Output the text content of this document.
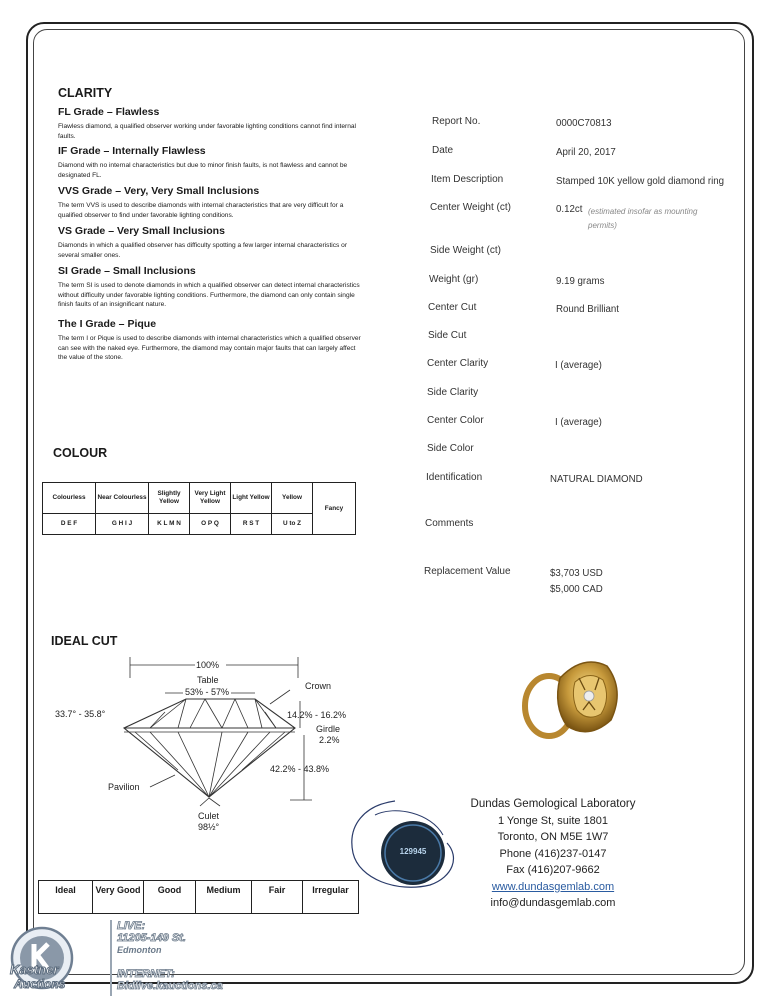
CLARITY
FL Grade – Flawless
Flawless diamond, a qualified observer working under favorable lighting conditions cannot find internal faults.
IF Grade – Internally Flawless
Diamond with no internal characteristics but due to minor finish faults, is not flawless and cannot be designated FL.
VVS Grade – Very, Very Small Inclusions
The term VVS is used to describe diamonds with internal characteristics that are very difficult for a qualified observer to find under favorable lighting conditions.
VS Grade – Very Small Inclusions
Diamonds in which a qualified observer has difficulty spotting a few larger internal characteristics or several smaller ones.
SI Grade – Small Inclusions
The term SI is used to denote diamonds in which a qualified observer can detect internal characteristics without difficulty under favorable lighting conditions. Furthermore, the diamond can only contain single finish faults of an insignificant nature.
The I Grade – Pique
The term I or Pique is used to describe diamonds with internal characteristics which a qualified observer can see with the naked eye. Furthermore, the diamond may contain major faults that can largely affect the value of the stone.
COLOUR
Colourless	Near Colourless	Slightly Yellow	Very Light Yellow	Light Yellow	Yellow	Fancy
D E F	G H I J	K L M N	O P Q	R S T	U to Z	
IDEAL CUT
100%
Table
53% - 57%
Crown
33.7° - 35.8°	14.2% - 16.2%
Girdle
2.2%
42.2% - 43.8%
Pavilion
Culet
98½°
Ideal	Very Good	Good	Medium	Fair	Irregular
Report No.	0000C70813
Date	April 20, 2017
Item Description	Stamped 10K yellow gold diamond ring
Center Weight (ct)	0.12ct (estimated insofar as mounting permits)
Side Weight (ct)
Weight (gr)	9.19 grams
Center Cut	Round Brilliant
Side Cut
Center Clarity	I (average)
Side Clarity
Center Color	I (average)
Side Color
Identification	NATURAL DIAMOND
Comments
Replacement Value	$3,703 USD
$5,000 CAD
129945
Dundas Gemological Laboratory
1 Yonge St, suite 1801
Toronto, ON M5E 1W7
Phone (416)237-0147
Fax (416)207-9662
www.dundasgemlab.com
info@dundasgemlab.com
Kastner
Auctions
LIVE:
11205-149 St.
Edmonton
INTERNET:
Bidlive.kauctions.ca
